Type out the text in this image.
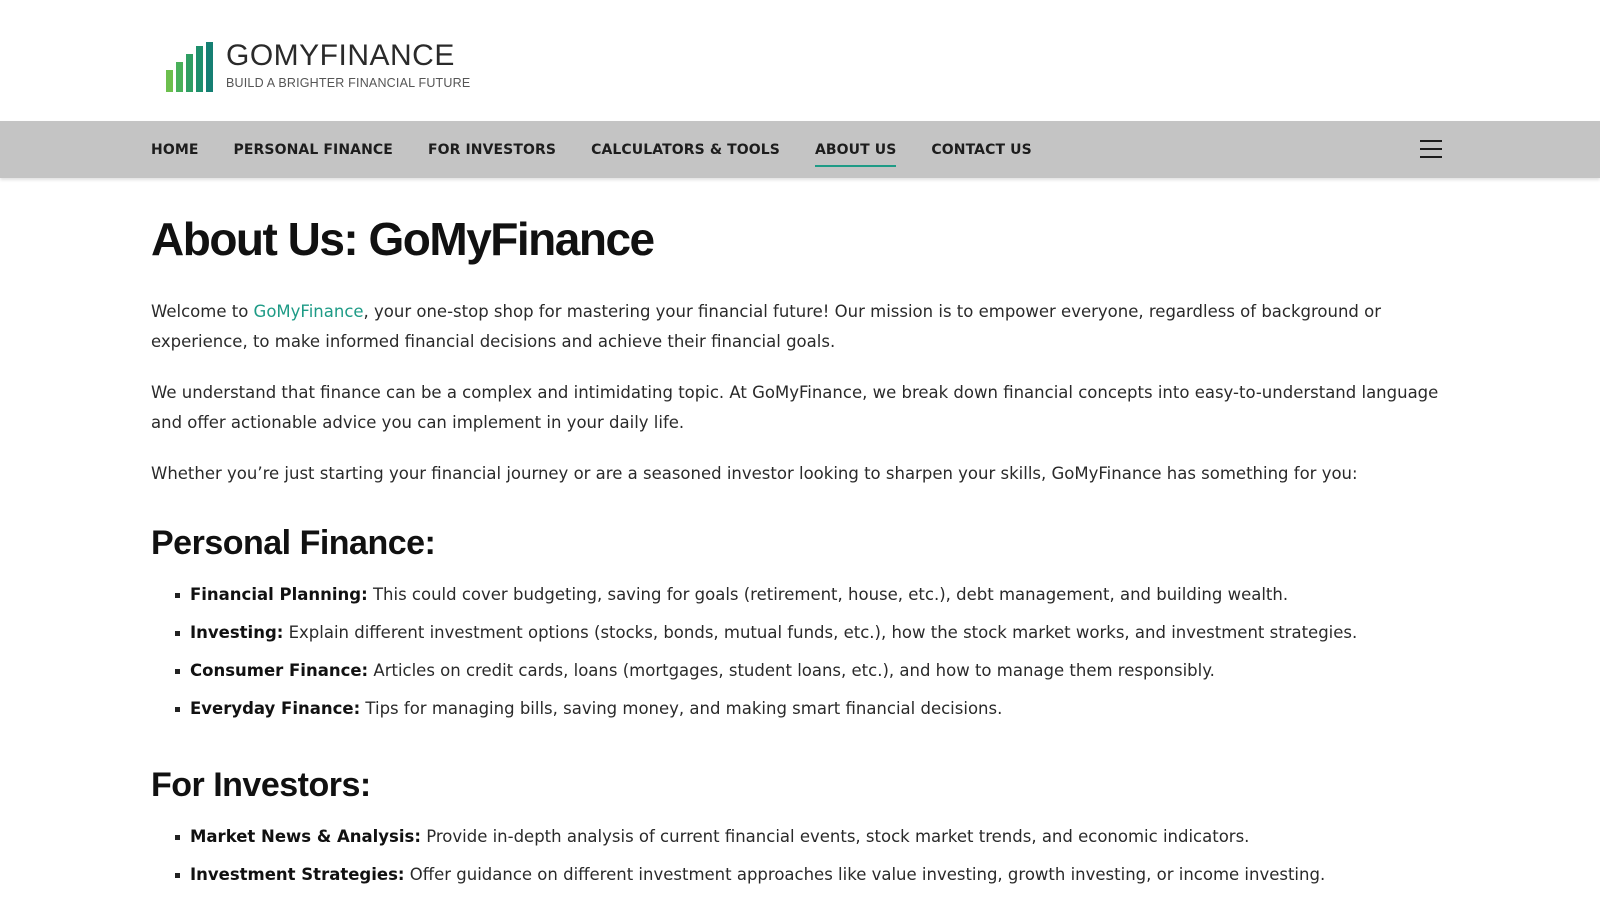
GOMYFINANCE
BUILD A BRIGHTER FINANCIAL FUTURE
HOME	PERSONAL FINANCE	FOR INVESTORS	CALCULATORS & TOOLS	ABOUT US	CONTACT US
About Us: GoMyFinance

Welcome to GoMyFinance, your one-stop shop for mastering your financial future! Our mission is to empower everyone, regardless of background or experience, to make informed financial decisions and achieve their financial goals.

We understand that finance can be a complex and intimidating topic. At GoMyFinance, we break down financial concepts into easy-to-understand language and offer actionable advice you can implement in your daily life.

Whether you’re just starting your financial journey or are a seasoned investor looking to sharpen your skills, GoMyFinance has something for you:

Personal Finance:
Financial Planning: This could cover budgeting, saving for goals (retirement, house, etc.), debt management, and building wealth.
Investing: Explain different investment options (stocks, bonds, mutual funds, etc.), how the stock market works, and investment strategies.
Consumer Finance: Articles on credit cards, loans (mortgages, student loans, etc.), and how to manage them responsibly.
Everyday Finance: Tips for managing bills, saving money, and making smart financial decisions.
For Investors:
Market News & Analysis: Provide in-depth analysis of current financial events, stock market trends, and economic indicators.
Investment Strategies: Offer guidance on different investment approaches like value investing, growth investing, or income investing.
